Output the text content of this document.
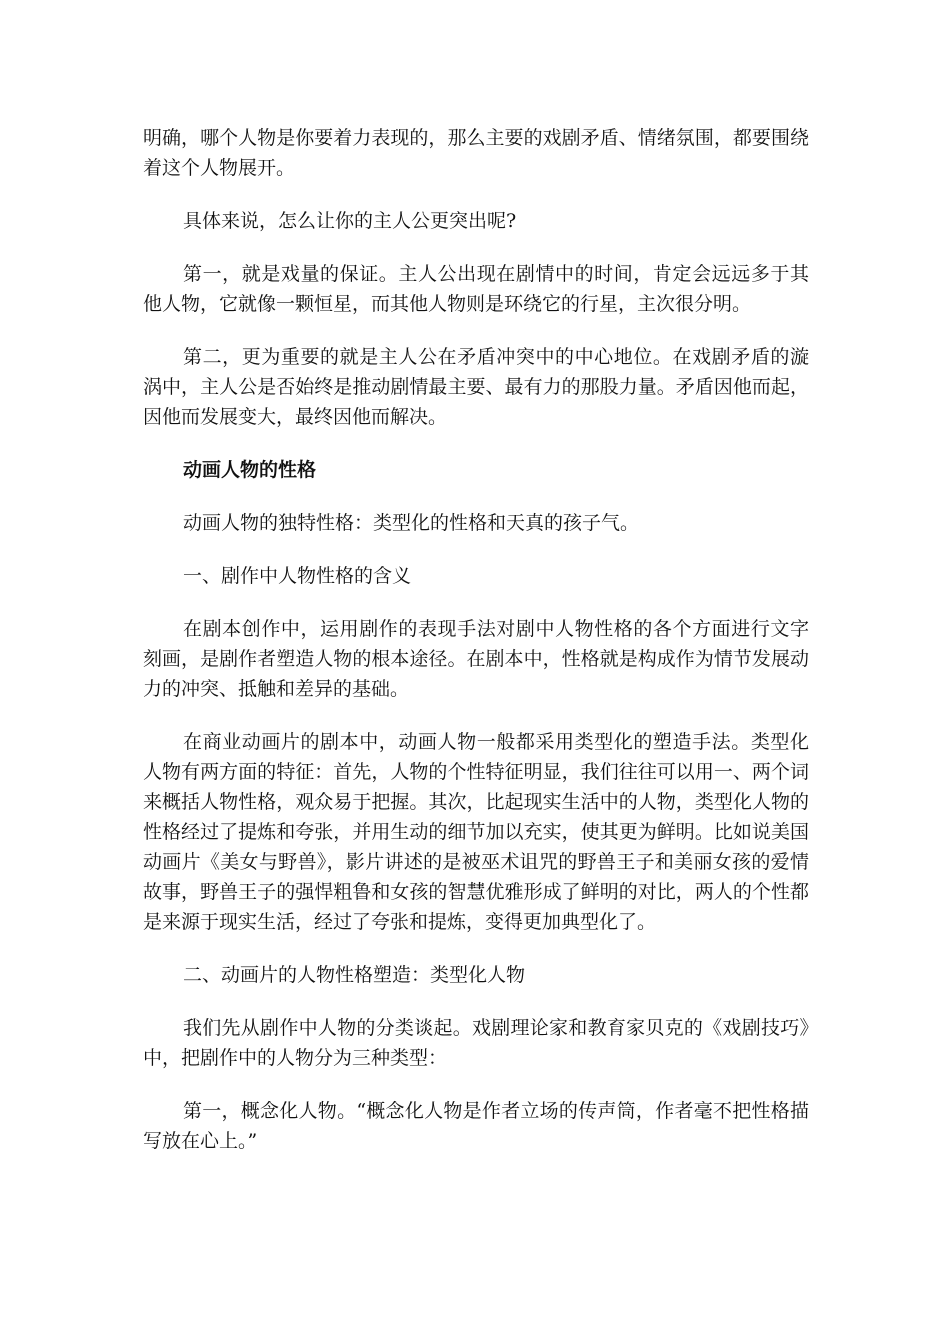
明确，哪个人物是你要着力表现的，那么主要的戏剧矛盾、情绪氛围，都要围绕着这个人物展开。

具体来说，怎么让你的主人公更突出呢?

第一，就是戏量的保证。主人公出现在剧情中的时间，肯定会远远多于其他人物，它就像一颗恒星，而其他人物则是环绕它的行星，主次很分明。

第二，更为重要的就是主人公在矛盾冲突中的中心地位。在戏剧矛盾的漩涡中，主人公是否始终是推动剧情最主要、最有力的那股力量。矛盾因他而起，因他而发展变大，最终因他而解决。

动画人物的性格

动画人物的独特性格：类型化的性格和天真的孩子气。

一、剧作中人物性格的含义

在剧本创作中，运用剧作的表现手法对剧中人物性格的各个方面进行文字刻画，是剧作者塑造人物的根本途径。在剧本中，性格就是构成作为情节发展动力的冲突、抵触和差异的基础。

在商业动画片的剧本中，动画人物一般都采用类型化的塑造手法。类型化人物有两方面的特征：首先，人物的个性特征明显，我们往往可以用一、两个词来概括人物性格，观众易于把握。其次，比起现实生活中的人物，类型化人物的性格经过了提炼和夸张，并用生动的细节加以充实，使其更为鲜明。比如说美国动画片《美女与野兽》，影片讲述的是被巫术诅咒的野兽王子和美丽女孩的爱情故事，野兽王子的强悍粗鲁和女孩的智慧优雅形成了鲜明的对比，两人的个性都是来源于现实生活，经过了夸张和提炼，变得更加典型化了。

二、动画片的人物性格塑造：类型化人物

我们先从剧作中人物的分类谈起。戏剧理论家和教育家贝克的《戏剧技巧》中，把剧作中的人物分为三种类型：

第一，概念化人物。“概念化人物是作者立场的传声筒，作者毫不把性格描写放在心上。”
